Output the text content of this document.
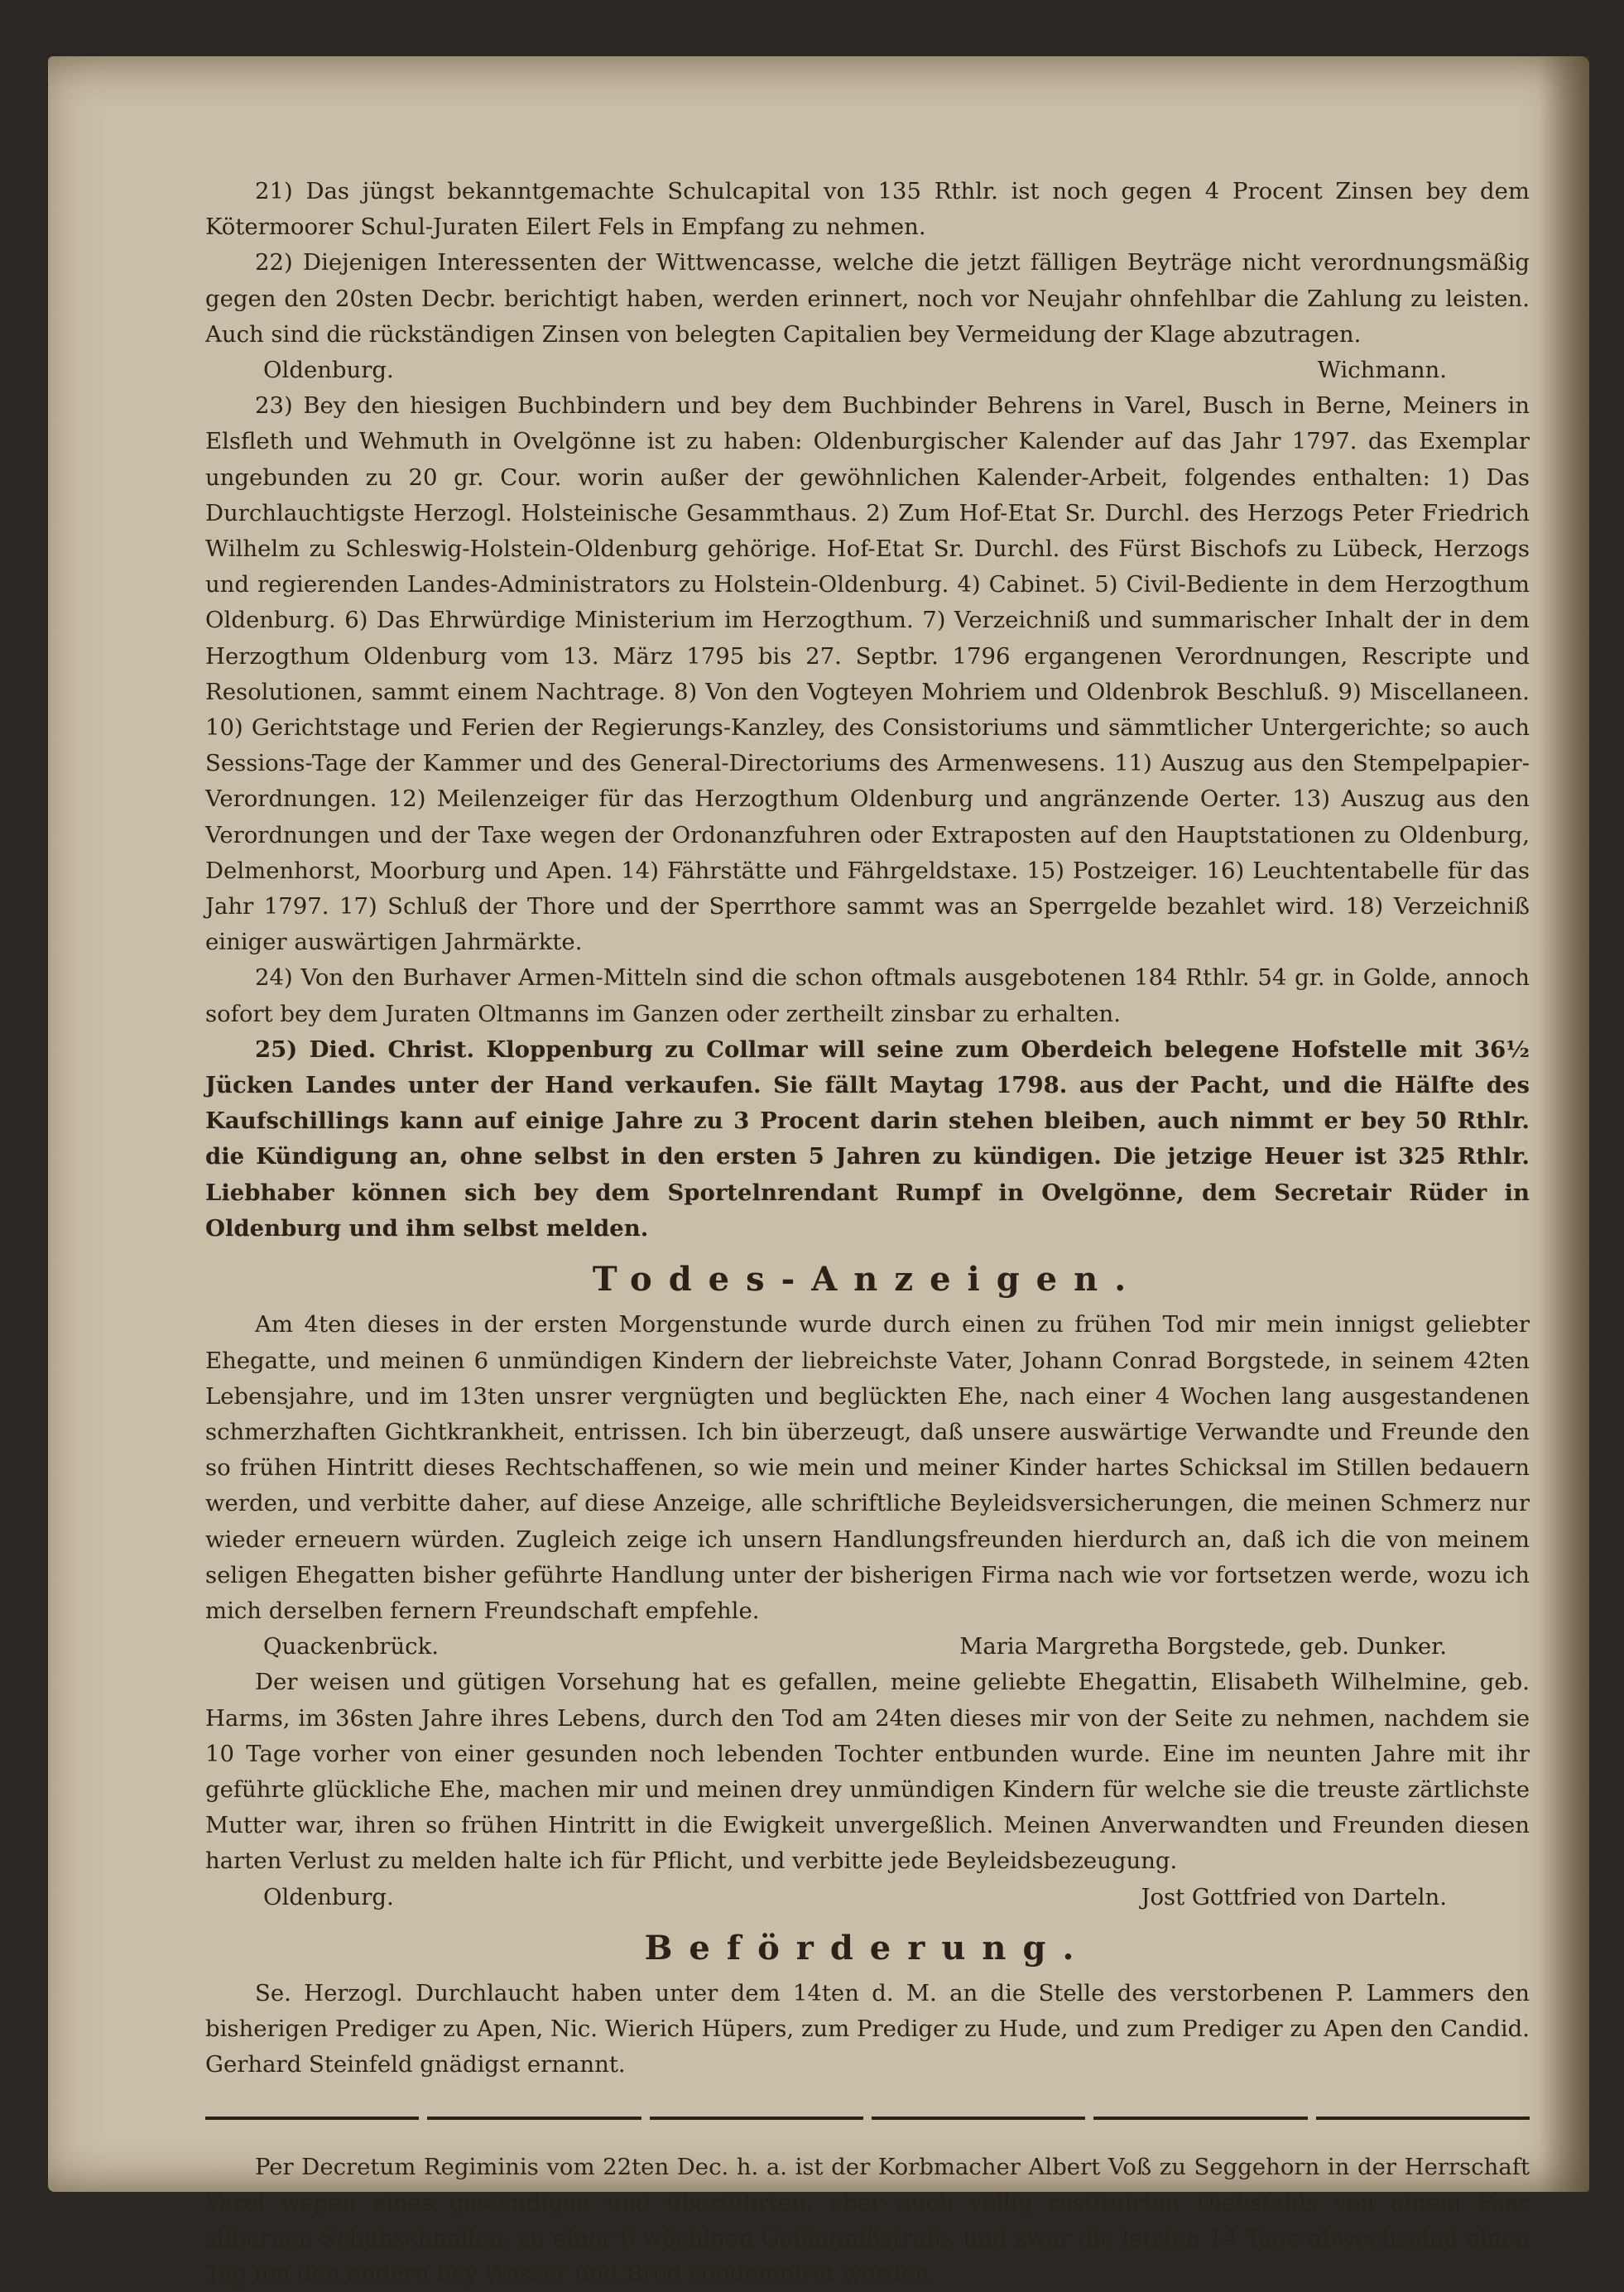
21) Das jüngst bekanntgemachte Schulcapital von 135 Rthlr. ist noch gegen 4 Procent Zinsen bey dem Kötermoorer Schul-Juraten Eilert Fels in Empfang zu nehmen.

22) Diejenigen Interessenten der Wittwencasse, welche die jetzt fälligen Beyträge nicht verordnungsmäßig gegen den 20sten Decbr. berichtigt haben, werden erinnert, noch vor Neujahr ohnfehlbar die Zahlung zu leisten. Auch sind die rückständigen Zinsen von belegten Capitalien bey Vermeidung der Klage abzutragen.

Oldenburg.	Wichmann.

23) Bey den hiesigen Buchbindern und bey dem Buchbinder Behrens in Varel, Busch in Berne, Meiners in Elsfleth und Wehmuth in Ovelgönne ist zu haben: Oldenburgischer Kalender auf das Jahr 1797. das Exemplar ungebunden zu 20 gr. Cour. worin außer der gewöhnlichen Kalender-Arbeit, folgendes enthalten: 1) Das Durchlauchtigste Herzogl. Holsteinische Gesammthaus. 2) Zum Hof-Etat Sr. Durchl. des Herzogs Peter Friedrich Wilhelm zu Schleswig-Holstein-Oldenburg gehörige. Hof-Etat Sr. Durchl. des Fürst Bischofs zu Lübeck, Herzogs und regierenden Landes-Administrators zu Holstein-Oldenburg. 4) Cabinet. 5) Civil-Bediente in dem Herzogthum Oldenburg. 6) Das Ehrwürdige Ministerium im Herzogthum. 7) Verzeichniß und summarischer Inhalt der in dem Herzogthum Oldenburg vom 13. März 1795 bis 27. Septbr. 1796 ergangenen Verordnungen, Rescripte und Resolutionen, sammt einem Nachtrage. 8) Von den Vogteyen Mohriem und Oldenbrok Beschluß. 9) Miscellaneen. 10) Gerichtstage und Ferien der Regierungs-Kanzley, des Consistoriums und sämmtlicher Untergerichte; so auch Sessions-Tage der Kammer und des General-Directoriums des Armenwesens. 11) Auszug aus den Stempelpapier-Verordnungen. 12) Meilenzeiger für das Herzogthum Oldenburg und angränzende Oerter. 13) Auszug aus den Verordnungen und der Taxe wegen der Ordonanzfuhren oder Extraposten auf den Hauptstationen zu Oldenburg, Delmenhorst, Moorburg und Apen. 14) Fährstätte und Fährgeldstaxe. 15) Postzeiger. 16) Leuchtentabelle für das Jahr 1797. 17) Schluß der Thore und der Sperrthore sammt was an Sperrgelde bezahlet wird. 18) Verzeichniß einiger auswärtigen Jahrmärkte.

24) Von den Burhaver Armen-Mitteln sind die schon oftmals ausgebotenen 184 Rthlr. 54 gr. in Golde, annoch sofort bey dem Juraten Oltmanns im Ganzen oder zertheilt zinsbar zu erhalten.

25) Died. Christ. Kloppenburg zu Collmar will seine zum Oberdeich belegene Hofstelle mit 36½ Jücken Landes unter der Hand verkaufen. Sie fällt Maytag 1798. aus der Pacht, und die Hälfte des Kaufschillings kann auf einige Jahre zu 3 Procent darin stehen bleiben, auch nimmt er bey 50 Rthlr. die Kündigung an, ohne selbst in den ersten 5 Jahren zu kündigen. Die jetzige Heuer ist 325 Rthlr. Liebhaber können sich bey dem Sportelnrendant Rumpf in Ovelgönne, dem Secretair Rüder in Oldenburg und ihm selbst melden.

Todes-Anzeigen.

Am 4ten dieses in der ersten Morgenstunde wurde durch einen zu frühen Tod mir mein innigst geliebter Ehegatte, und meinen 6 unmündigen Kindern der liebreichste Vater, Johann Conrad Borgstede, in seinem 42ten Lebensjahre, und im 13ten unsrer vergnügten und beglückten Ehe, nach einer 4 Wochen lang ausgestandenen schmerzhaften Gichtkrankheit, entrissen. Ich bin überzeugt, daß unsere auswärtige Verwandte und Freunde den so frühen Hintritt dieses Rechtschaffenen, so wie mein und meiner Kinder hartes Schicksal im Stillen bedauern werden, und verbitte daher, auf diese Anzeige, alle schriftliche Beyleidsversicherungen, die meinen Schmerz nur wieder erneuern würden. Zugleich zeige ich unsern Handlungsfreunden hierdurch an, daß ich die von meinem seligen Ehegatten bisher geführte Handlung unter der bisherigen Firma nach wie vor fortsetzen werde, wozu ich mich derselben fernern Freundschaft empfehle.

Quackenbrück.	Maria Margretha Borgstede, geb. Dunker.

Der weisen und gütigen Vorsehung hat es gefallen, meine geliebte Ehegattin, Elisabeth Wilhelmine, geb. Harms, im 36sten Jahre ihres Lebens, durch den Tod am 24ten dieses mir von der Seite zu nehmen, nachdem sie 10 Tage vorher von einer gesunden noch lebenden Tochter entbunden wurde. Eine im neunten Jahre mit ihr geführte glückliche Ehe, machen mir und meinen drey unmündigen Kindern für welche sie die treuste zärtlichste Mutter war, ihren so frühen Hintritt in die Ewigkeit unvergeßlich. Meinen Anverwandten und Freunden diesen harten Verlust zu melden halte ich für Pflicht, und verbitte jede Beyleidsbezeugung.

Oldenburg.	Jost Gottfried von Darteln.

Beförderung.

Se. Herzogl. Durchlaucht haben unter dem 14ten d. M. an die Stelle des verstorbenen P. Lammers den bisherigen Prediger zu Apen, Nic. Wierich Hüpers, zum Prediger zu Hude, und zum Prediger zu Apen den Candid. Gerhard Steinfeld gnädigst ernannt.

Per Decretum Regiminis vom 22ten Dec. h. a. ist der Korbmacher Albert Voß zu Seggehorn in der Herrschaft Varel wegen eines geständigen und überführten, aber auch völlig restituirten Diebstahls von einem Paar silbernen Schuhschnallen, zu einer 6 wöchigen Gefängnißstrafe, und zwar die letzten 14 Tage abwechselnd einen Tag um den andern bey Wasser und Brod condemniret worden.
